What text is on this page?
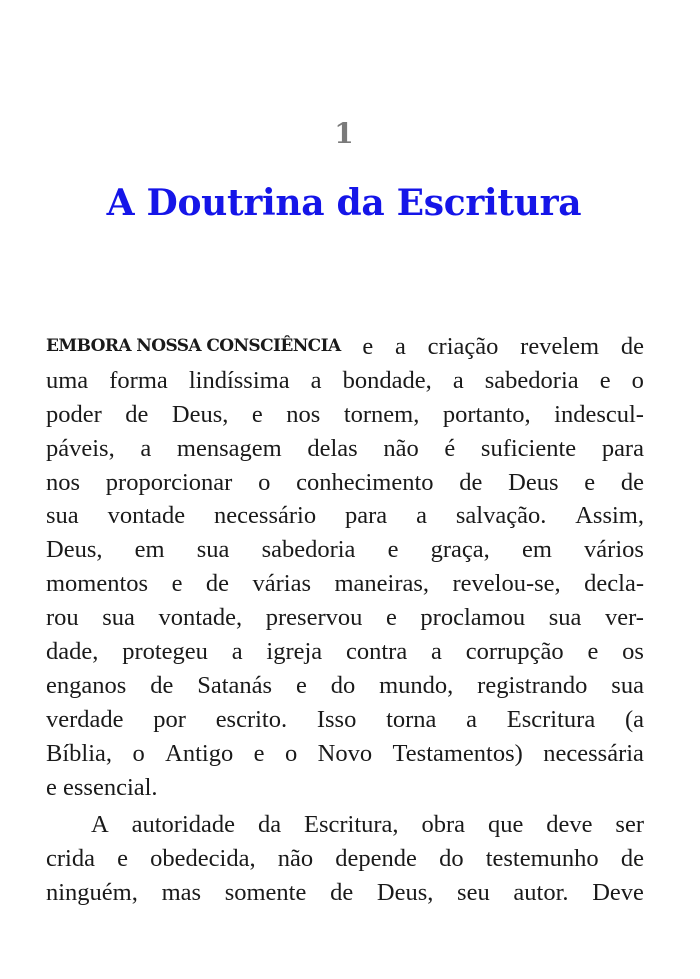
1
A Doutrina da Escritura
EMBORA NOSSA CONSCIÊNCIA e a criação revelem de
uma forma lindíssima a bondade, a sabedoria e o
poder de Deus, e nos tornem, portanto, indescul-
páveis, a mensagem delas não é suficiente para
nos proporcionar o conhecimento de Deus e de
sua vontade necessário para a salvação. Assim,
Deus, em sua sabedoria e graça, em vários
momentos e de várias maneiras, revelou-se, decla-
rou sua vontade, preservou e proclamou sua ver-
dade, protegeu a igreja contra a corrupção e os
enganos de Satanás e do mundo, registrando sua
verdade por escrito. Isso torna a Escritura (a
Bíblia, o Antigo e o Novo Testamentos) necessária
e essencial.
A autoridade da Escritura, obra que deve ser
crida e obedecida, não depende do testemunho de
ninguém, mas somente de Deus, seu autor. Deve
